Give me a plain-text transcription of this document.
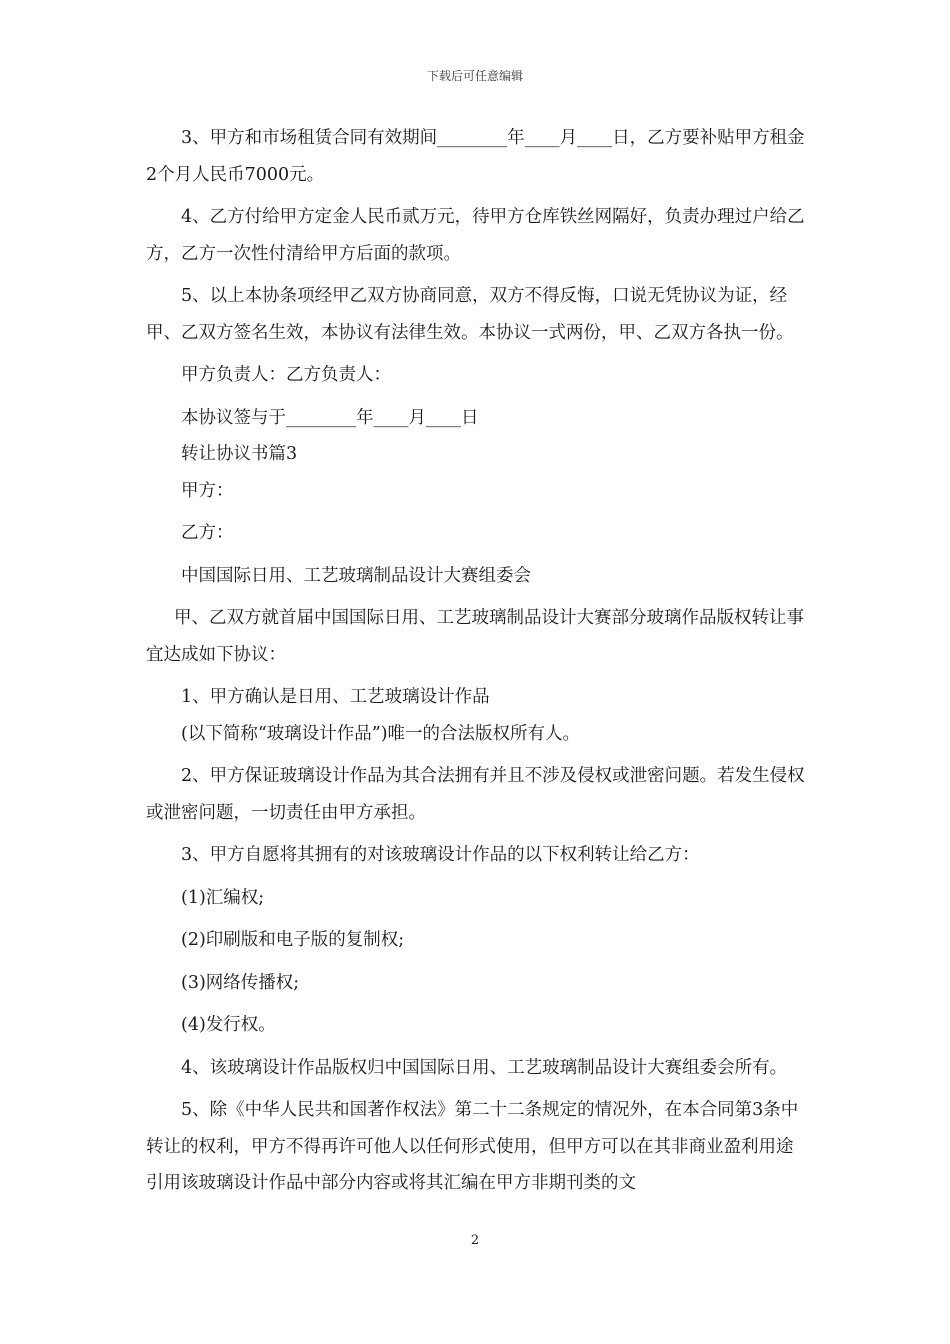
下载后可任意编辑

3、甲方和市场租赁合同有效期间________年____月____日，乙方要补贴甲方租金2个月人民币7000元。

4、乙方付给甲方定金人民币贰万元，待甲方仓库铁丝网隔好，负责办理过户给乙方，乙方一次性付清给甲方后面的款项。

5、以上本协条项经甲乙双方协商同意，双方不得反悔，口说无凭协议为证，经甲、乙双方签名生效，本协议有法律生效。本协议一式两份，甲、乙双方各执一份。

甲方负责人：乙方负责人：

本协议签与于________年____月____日

转让协议书篇3

甲方：

乙方：

中国国际日用、工艺玻璃制品设计大赛组委会

甲、乙双方就首届中国国际日用、工艺玻璃制品设计大赛部分玻璃作品版权转让事宜达成如下协议：

1、甲方确认是日用、工艺玻璃设计作品

(以下简称“玻璃设计作品”)唯一的合法版权所有人。

2、甲方保证玻璃设计作品为其合法拥有并且不涉及侵权或泄密问题。若发生侵权或泄密问题，一切责任由甲方承担。

3、甲方自愿将其拥有的对该玻璃设计作品的以下权利转让给乙方：

(1)汇编权;

(2)印刷版和电子版的复制权;

(3)网络传播权;

(4)发行权。

4、该玻璃设计作品版权归中国国际日用、工艺玻璃制品设计大赛组委会所有。

5、除《中华人民共和国著作权法》第二十二条规定的情况外，在本合同第3条中转让的权利，甲方不得再许可他人以任何形式使用，但甲方可以在其非商业盈利用途引用该玻璃设计作品中部分内容或将其汇编在甲方非期刊类的文

2
